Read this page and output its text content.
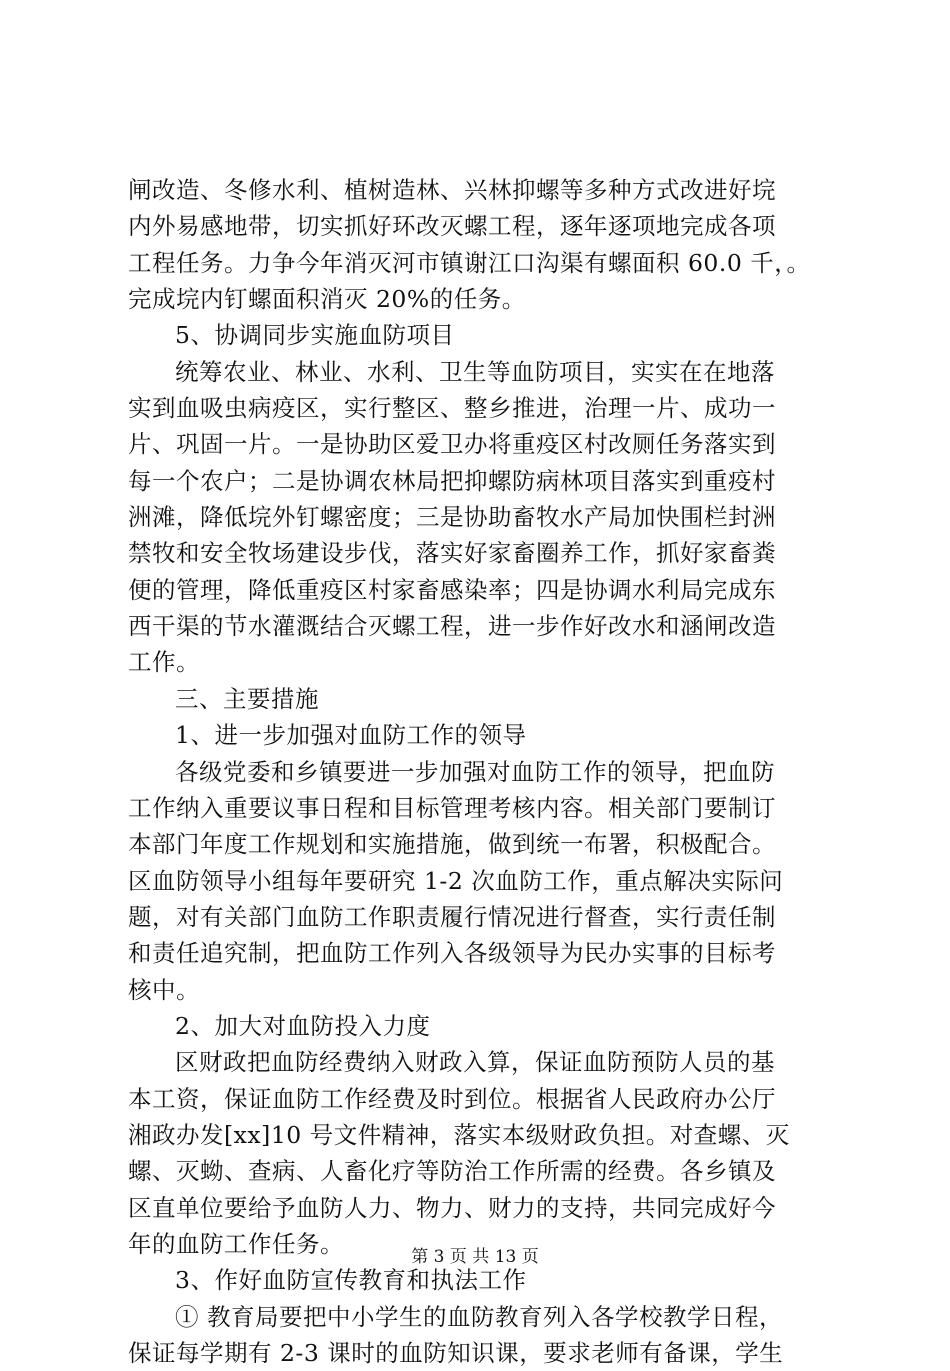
闸改造、冬修水利、植树造林、兴林抑螺等多种方式改进好垸
内外易感地带，切实抓好环改灭螺工程，逐年逐项地完成各项
工程任务。力争今年消灭河市镇谢江口沟渠有螺面积 60.0 千，。
完成垸内钉螺面积消灭 20%的任务。
5、协调同步实施血防项目
统筹农业、林业、水利、卫生等血防项目，实实在在地落
实到血吸虫病疫区，实行整区、整乡推进，治理一片、成功一
片、巩固一片。一是协助区爱卫办将重疫区村改厕任务落实到
每一个农户；二是协调农林局把抑螺防病林项目落实到重疫村
洲滩，降低垸外钉螺密度；三是协助畜牧水产局加快围栏封洲
禁牧和安全牧场建设步伐，落实好家畜圈养工作，抓好家畜粪
便的管理，降低重疫区村家畜感染率；四是协调水利局完成东
西干渠的节水灌溉结合灭螺工程，进一步作好改水和涵闸改造
工作。
三、主要措施
1、进一步加强对血防工作的领导
各级党委和乡镇要进一步加强对血防工作的领导，把血防
工作纳入重要议事日程和目标管理考核内容。相关部门要制订
本部门年度工作规划和实施措施，做到统一布署，积极配合。
区血防领导小组每年要研究 1-2 次血防工作，重点解决实际问
题，对有关部门血防工作职责履行情况进行督查，实行责任制
和责任追究制，把血防工作列入各级领导为民办实事的目标考
核中。
2、加大对血防投入力度
区财政把血防经费纳入财政入算，保证血防预防人员的基
本工资，保证血防工作经费及时到位。根据省人民政府办公厅
湘政办发[xx]10 号文件精神，落实本级财政负担。对查螺、灭
螺、灭蚴、查病、人畜化疗等防治工作所需的经费。各乡镇及
区直单位要给予血防人力、物力、财力的支持，共同完成好今
年的血防工作任务。
3、作好血防宣传教育和执法工作
① 教育局要把中小学生的血防教育列入各学校教学日程，
保证每学期有 2-3 课时的血防知识课，要求老师有备课，学生
第 3 页 共 13 页
